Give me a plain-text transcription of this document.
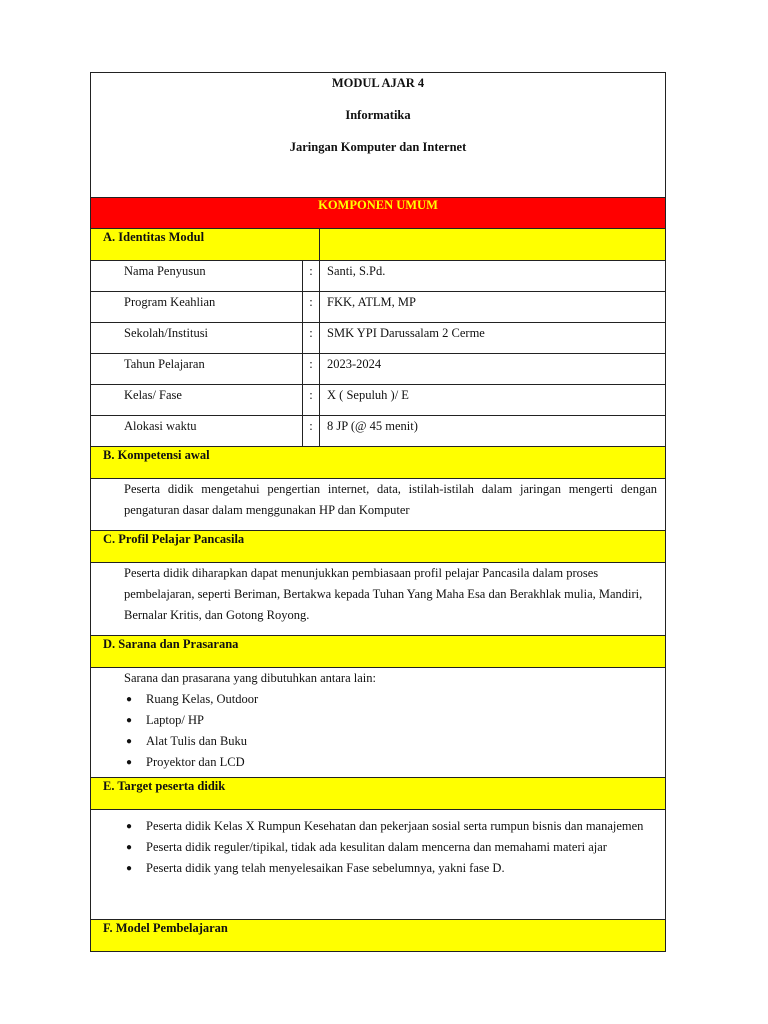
MODUL AJAR 4
Informatika
Jaringan Komputer dan Internet
KOMPONEN UMUM
A. Identitas Modul
Nama Penyusun	:	Santi, S.Pd.
Program Keahlian	:	FKK, ATLM, MP
Sekolah/Institusi	:	SMK YPI Darussalam 2 Cerme
Tahun Pelajaran	:	2023-2024
Kelas/ Fase	:	X ( Sepuluh )/ E
Alokasi waktu	:	8 JP (@ 45 menit)
B. Kompetensi awal
Peserta didik mengetahui pengertian internet, data, istilah-istilah dalam jaringan mengerti dengan pengaturan dasar dalam menggunakan HP dan Komputer
C. Profil Pelajar Pancasila
Peserta didik diharapkan dapat menunjukkan pembiasaan profil pelajar Pancasila dalam proses pembelajaran, seperti Beriman, Bertakwa kepada Tuhan Yang Maha Esa dan Berakhlak mulia, Mandiri, Bernalar Kritis, dan Gotong Royong.
D. Sarana dan Prasarana
Sarana dan prasarana yang dibutuhkan antara lain:
● Ruang Kelas, Outdoor
● Laptop/ HP
● Alat Tulis dan Buku
● Proyektor dan LCD
E. Target peserta didik
● Peserta didik Kelas X Rumpun Kesehatan dan pekerjaan sosial serta rumpun bisnis dan manajemen
● Peserta didik reguler/tipikal, tidak ada kesulitan dalam mencerna dan memahami materi ajar
● Peserta didik yang telah menyelesaikan Fase sebelumnya, yakni fase D.
F. Model Pembelajaran
